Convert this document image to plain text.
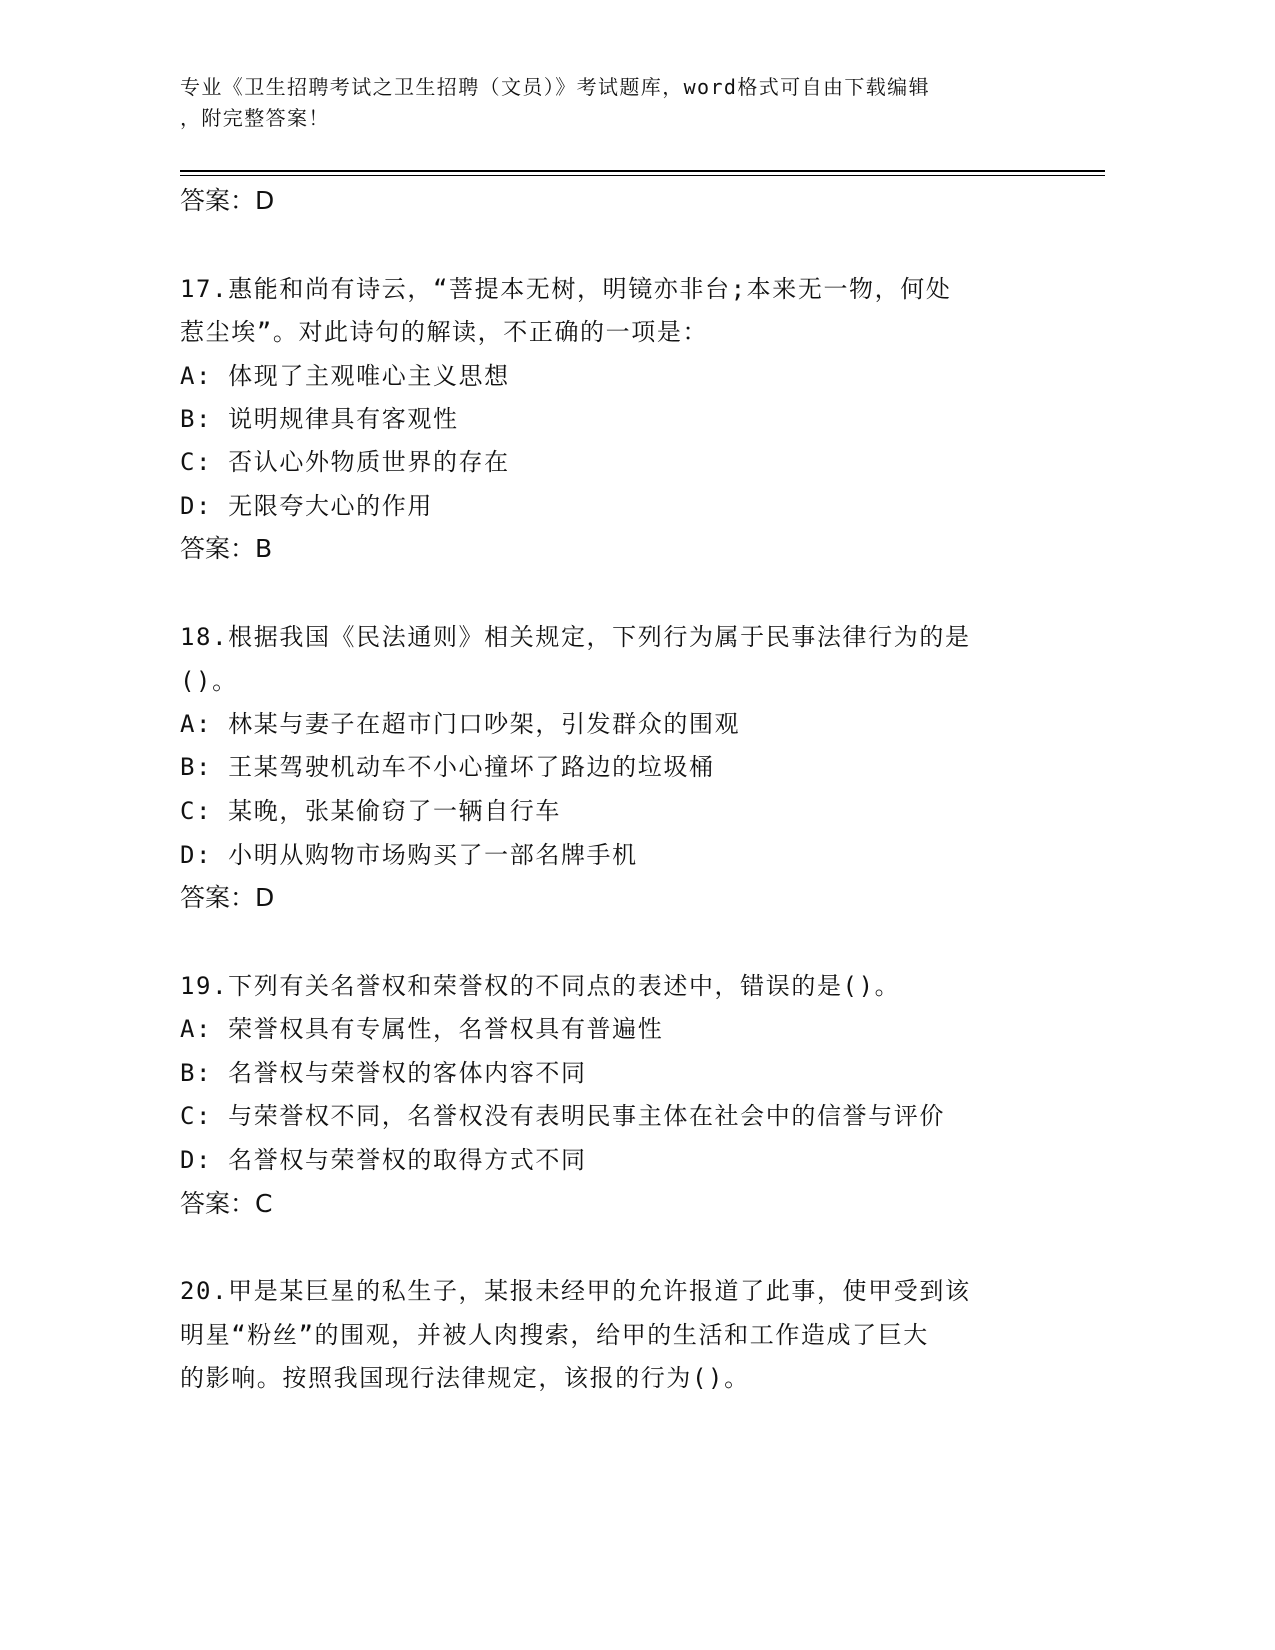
专业《卫生招聘考试之卫生招聘（文员）》考试题库，word格式可自由下载编辑
，附完整答案！
答案：D
17.惠能和尚有诗云，“菩提本无树，明镜亦非台;本来无一物，何处
惹尘埃”。对此诗句的解读，不正确的一项是：
A: 体现了主观唯心主义思想
B: 说明规律具有客观性
C: 否认心外物质世界的存在
D: 无限夸大心的作用
答案：B
18.根据我国《民法通则》相关规定，下列行为属于民事法律行为的是
()。
A: 林某与妻子在超市门口吵架，引发群众的围观
B: 王某驾驶机动车不小心撞坏了路边的垃圾桶
C: 某晚，张某偷窃了一辆自行车
D: 小明从购物市场购买了一部名牌手机
答案：D
19.下列有关名誉权和荣誉权的不同点的表述中，错误的是()。
A: 荣誉权具有专属性，名誉权具有普遍性
B: 名誉权与荣誉权的客体内容不同
C: 与荣誉权不同，名誉权没有表明民事主体在社会中的信誉与评价
D: 名誉权与荣誉权的取得方式不同
答案：C
20.甲是某巨星的私生子，某报未经甲的允许报道了此事，使甲受到该
明星“粉丝”的围观，并被人肉搜索，给甲的生活和工作造成了巨大
的影响。按照我国现行法律规定，该报的行为()。
